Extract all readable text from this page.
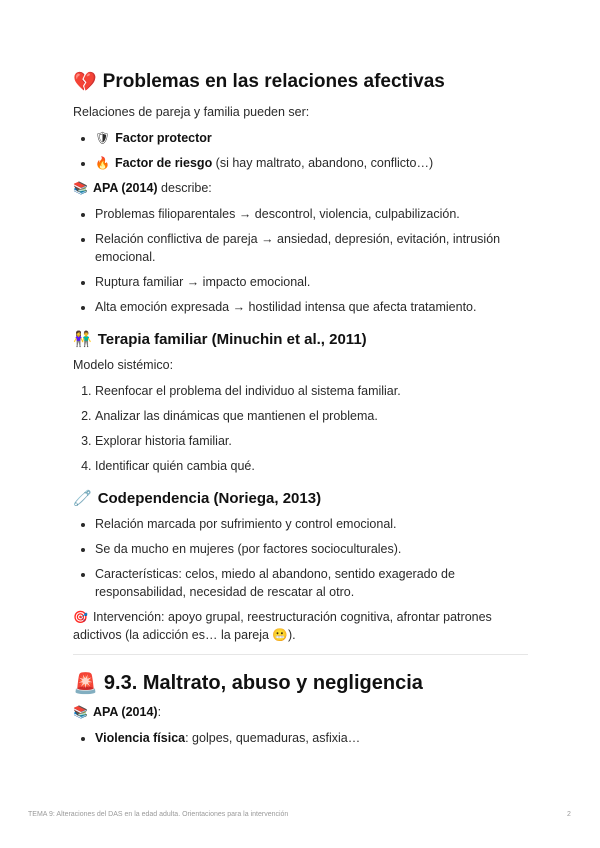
💔 Problemas en las relaciones afectivas

Relaciones de pareja y familia pueden ser:

• 🛡 Factor protector
• 🔥 Factor de riesgo (si hay maltrato, abandono, conflicto…)

📚 APA (2014) describe:

• Problemas filioparentales → descontrol, violencia, culpabilización.
• Relación conflictiva de pareja → ansiedad, depresión, evitación, intrusión emocional.
• Ruptura familiar → impacto emocional.
• Alta emoción expresada → hostilidad intensa que afecta tratamiento.
👫 Terapia familiar (Minuchin et al., 2011)

Modelo sistémico:

1. Reenfocar el problema del individuo al sistema familiar.
2. Analizar las dinámicas que mantienen el problema.
3. Explorar historia familiar.
4. Identificar quién cambia qué.
🧷 Codependencia (Noriega, 2013)
• Relación marcada por sufrimiento y control emocional.
• Se da mucho en mujeres (por factores socioculturales).
• Características: celos, miedo al abandono, sentido exagerado de responsabilidad, necesidad de rescatar al otro.

🎯 Intervención: apoyo grupal, reestructuración cognitiva, afrontar patrones adictivos (la adicción es… la pareja 😬).

🚨 9.3. Maltrato, abuso y negligencia

📚 APA (2014):

• Violencia física: golpes, quemaduras, asfixia…
TEMA 9: Alteraciones del DAS en la edad adulta. Orientaciones para la intervención	2
